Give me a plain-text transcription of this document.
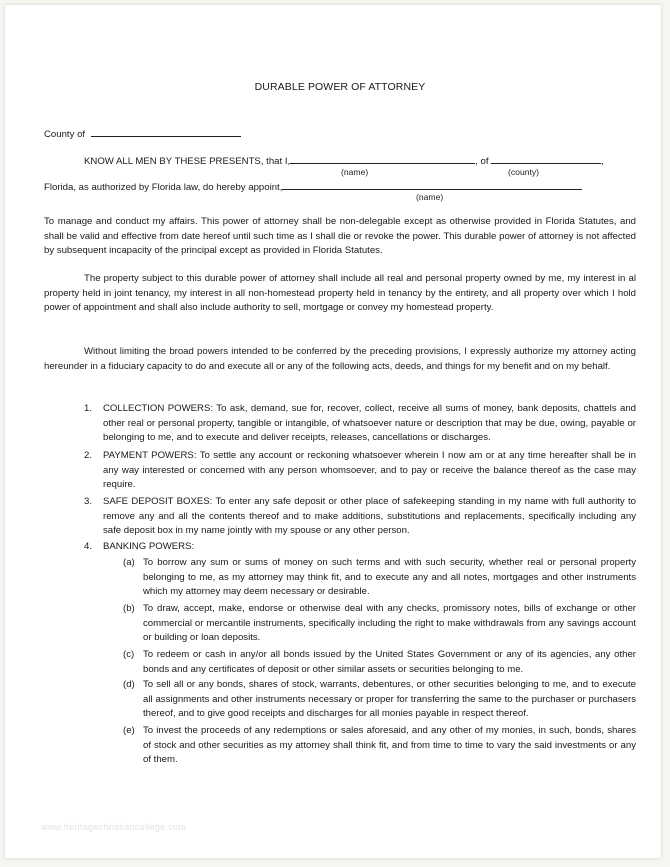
DURABLE POWER OF ATTORNEY
County of
KNOW ALL MEN BY THESE PRESENTS, that I,	, of	,
(name)	(county)
Florida, as authorized by Florida law, do hereby appoint,
(name)
To manage and conduct my affairs. This power of attorney shall be non-delegable except as otherwise provided in Florida Statutes, and shall be valid and effective from date hereof until such time as I shall die or revoke the power. This durable power of attorney is not affected by subsequent incapacity of the principal except as provided in Florida Statutes.
The property subject to this durable power of attorney shall include all real and personal property owned by me, my interest in al property held in joint tenancy, my interest in all non-homestead property held in tenancy by the entirety, and all property over which I hold power of appointment and shall also include authority to sell, mortgage or convey my homestead property.
Without limiting the broad powers intended to be conferred by the preceding provisions, I expressly authorize my attorney acting hereunder in a fiduciary capacity to do and execute all or any of the following acts, deeds, and things for my benefit and on my behalf.
1.	COLLECTION POWERS: To ask, demand, sue for, recover, collect, receive all sums of money, bank deposits, chattels and other real or personal property, tangible or intangible, of whatsoever nature or description that may be due, owing, payable or belonging to me, and to execute and deliver receipts, releases, cancellations or discharges.
2.	PAYMENT POWERS: To settle any account or reckoning whatsoever wherein I now am or at any time hereafter shall be in any way interested or concerned with any person whomsoever, and to pay or receive the balance thereof as the case may require.
3.	SAFE DEPOSIT BOXES: To enter any safe deposit or other place of safekeeping standing in my name with full authority to remove any and all the contents thereof and to make additions, substitutions and replacements, specifically including any safe deposit box in my name jointly with my spouse or any other person.
4.	BANKING POWERS:
(a) To borrow any sum or sums of money on such terms and with such security, whether real or personal property belonging to me, as my attorney may think fit, and to execute any and all notes, mortgages and other instruments which my attorney may deem necessary or desirable.
(b) To draw, accept, make, endorse or otherwise deal with any checks, promissory notes, bills of exchange or other commercial or mercantile instruments, specifically including the right to make withdrawals from any savings account or building or loan deposits.
(c) To redeem or cash in any/or all bonds issued by the United States Government or any of its agencies, any other bonds and any certificates of deposit or other similar assets or securities belonging to me.
(d) To sell all or any bonds, shares of stock, warrants, debentures, or other securities belonging to me, and to execute all assignments and other instruments necessary or proper for transferring the same to the purchaser or purchasers thereof, and to give good receipts and discharges for all monies payable in respect thereof.
(e) To invest the proceeds of any redemptions or sales aforesaid, and any other of my monies, in such, bonds, shares of stock and other securities as my attorney shall think fit, and from time to time to vary the said investments or any of them.
www.heritagechristiancollege.com
